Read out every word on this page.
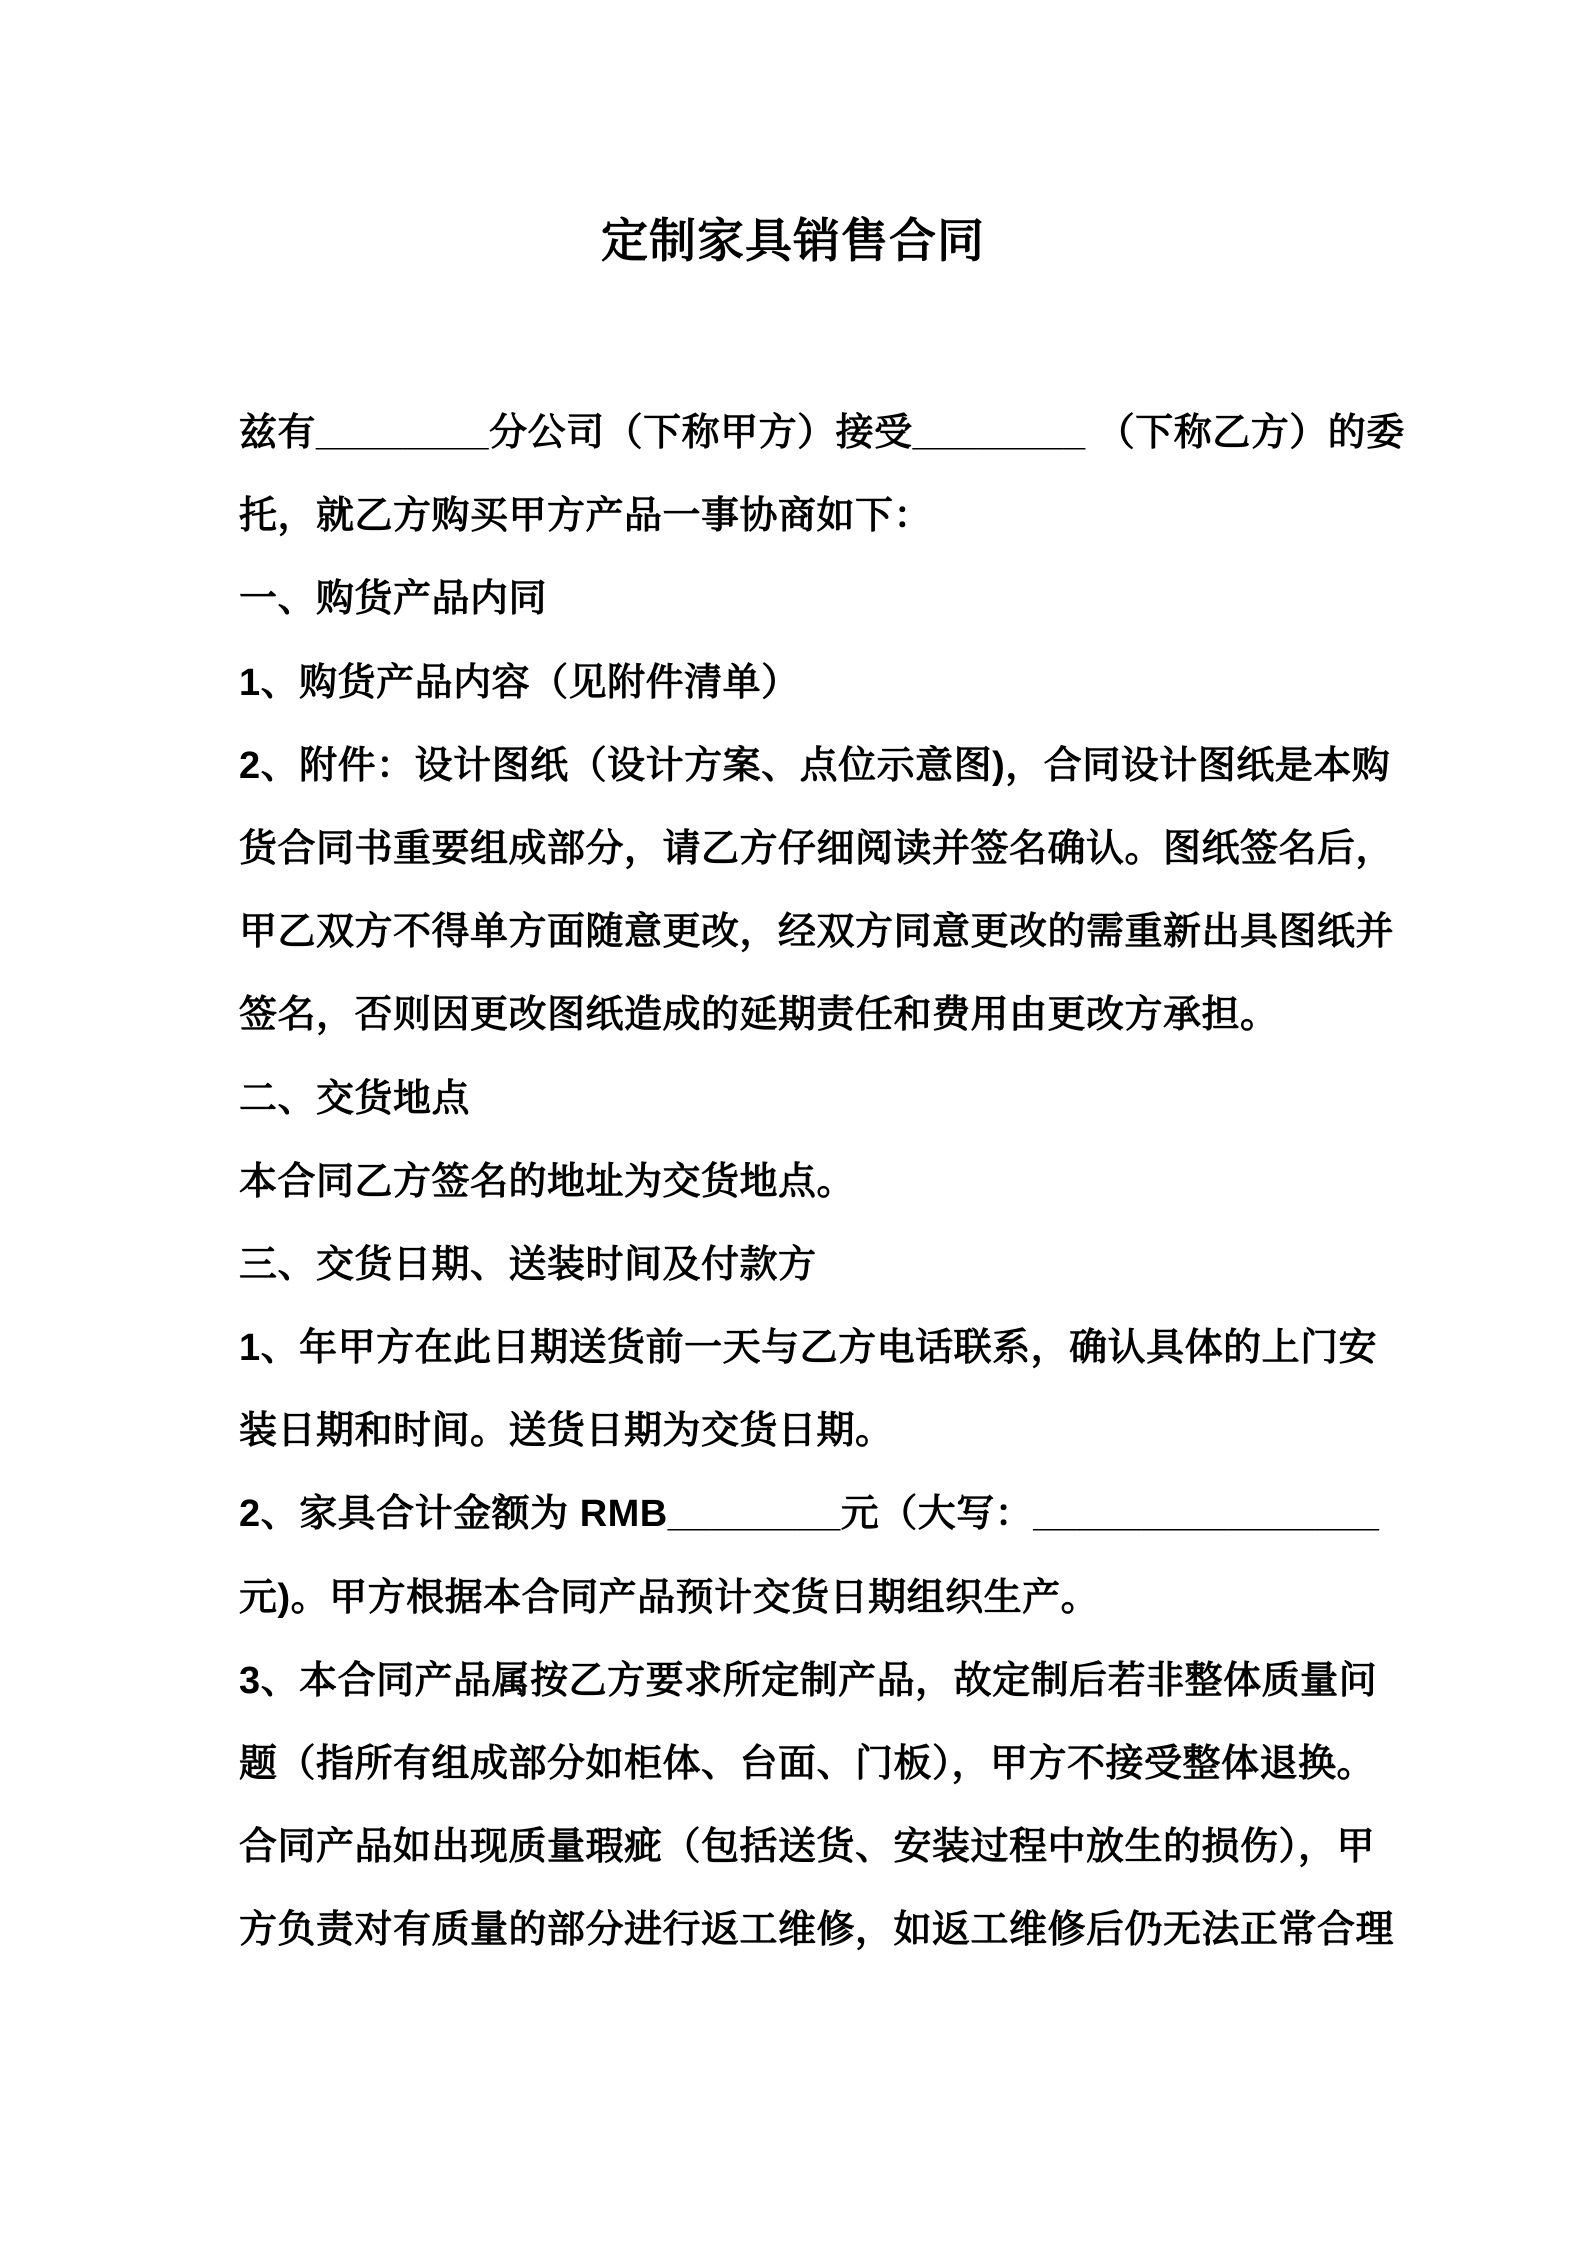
定制家具销售合同
兹有________分公司（下称甲方）接受________ （下称乙方）的委
托，就乙方购买甲方产品一事协商如下：
一、购货产品内同
1、购货产品内容（见附件清单）
2、附件：设计图纸（设计方案、点位示意图)，合同设计图纸是本购
货合同书重要组成部分，请乙方仔细阅读并签名确认。图纸签名后，
甲乙双方不得单方面随意更改，经双方同意更改的需重新出具图纸并
签名，否则因更改图纸造成的延期责任和费用由更改方承担。
二、交货地点
本合同乙方签名的地址为交货地点。
三、交货日期、送装时间及付款方
1、年甲方在此日期送货前一天与乙方电话联系，确认具体的上门安
装日期和时间。送货日期为交货日期。
2、家具合计金额为 RMB________元（大写：________________
元)。甲方根据本合同产品预计交货日期组织生产。
3、本合同产品属按乙方要求所定制产品，故定制后若非整体质量问
题（指所有组成部分如柜体、台面、门板），甲方不接受整体退换。
合同产品如出现质量瑕疵（包括送货、安装过程中放生的损伤），甲
方负责对有质量的部分进行返工维修，如返工维修后仍无法正常合理
